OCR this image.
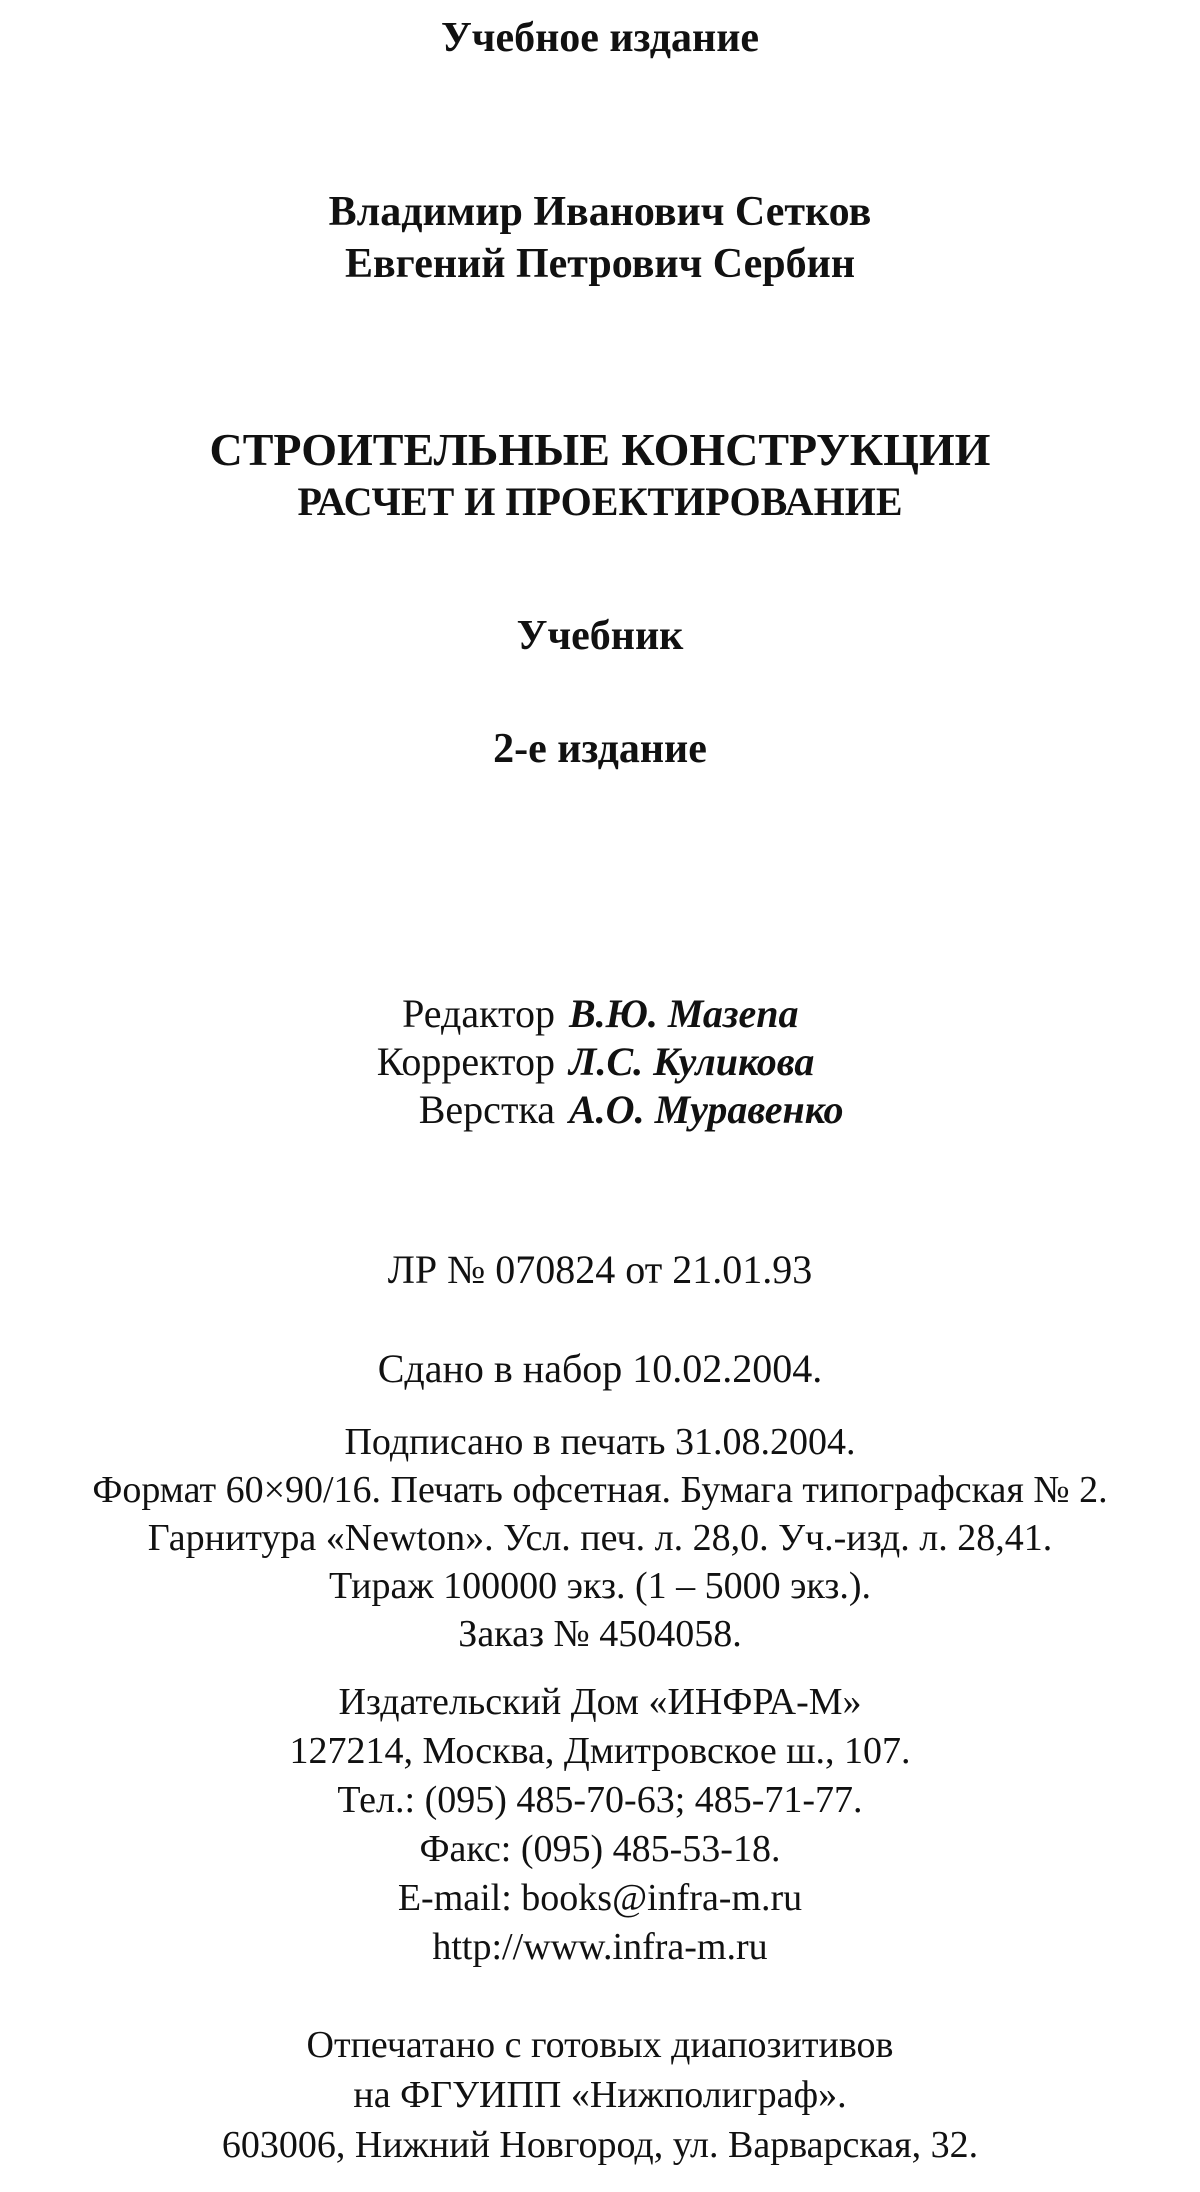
Учебное издание
Владимир Иванович Сетков
Евгений Петрович Сербин
СТРОИТЕЛЬНЫЕ КОНСТРУКЦИИ
РАСЧЕТ И ПРОЕКТИРОВАНИЕ
Учебник
2-е издание
Редактор В.Ю. Мазепа
Корректор Л.С. Куликова
Верстка А.О. Муравенко
ЛР № 070824 от 21.01.93
Сдано в набор 10.02.2004.
Подписано в печать 31.08.2004.
Формат 60×90/16. Печать офсетная. Бумага типографская № 2.
Гарнитура «Newton». Усл. печ. л. 28,0. Уч.-изд. л. 28,41.
Тираж 100000 экз. (1 – 5000 экз.).
Заказ № 4504058.
Издательский Дом «ИНФРА-М»
127214, Москва, Дмитровское ш., 107.
Тел.: (095) 485-70-63; 485-71-77.
Факс: (095) 485-53-18.
E-mail: books@infra-m.ru
http://www.infra-m.ru
Отпечатано с готовых диапозитивов
на ФГУИПП «Нижполиграф».
603006, Нижний Новгород, ул. Варварская, 32.
